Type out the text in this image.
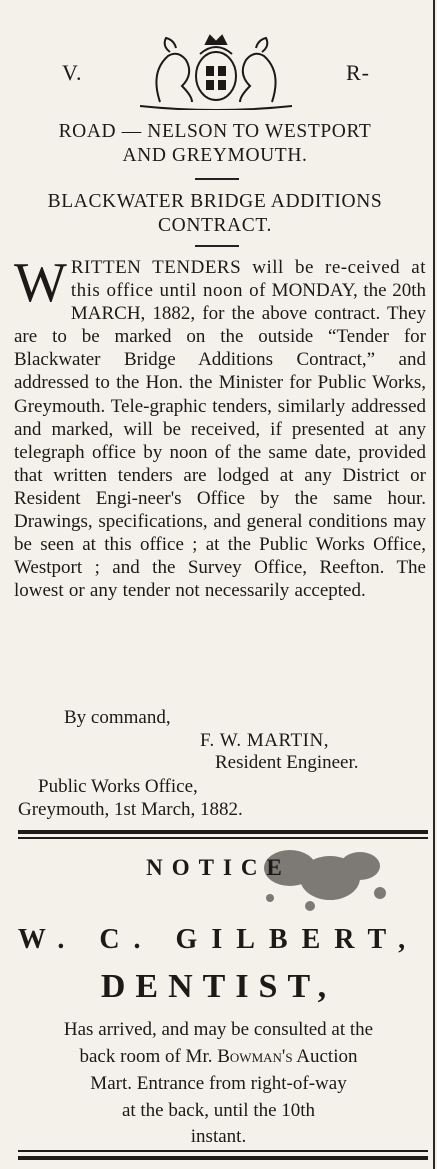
V.	R-
ROAD — NELSON TO WESTPORT
AND GREYMOUTH.
BLACKWATER BRIDGE ADDITIONS
CONTRACT.
WRITTEN TENDERS will be re-ceived at this office until noon of MONDAY, the 20th MARCH, 1882, for the above contract. They are to be marked on the outside “Tender for Blackwater Bridge Additions Contract,” and addressed to the Hon. the Minister for Public Works, Greymouth. Tele-graphic tenders, similarly addressed and marked, will be received, if presented at any telegraph office by noon of the same date, provided that written tenders are lodged at any District or Resident Engi-neer's Office by the same hour. Drawings, specifications, and general conditions may be seen at this office ; at the Public Works Office, Westport ; and the Survey Office, Reefton. The lowest or any tender not necessarily accepted.
By command,
F. W. MARTIN,
Resident Engineer.
Public Works Office,
Greymouth, 1st March, 1882.
NOTICE
W. C. GILBERT,
DENTIST,
Has arrived, and may be consulted at the
back room of Mr. Bowman's Auction
Mart. Entrance from right-of-way
at the back, until the 10th
instant.
